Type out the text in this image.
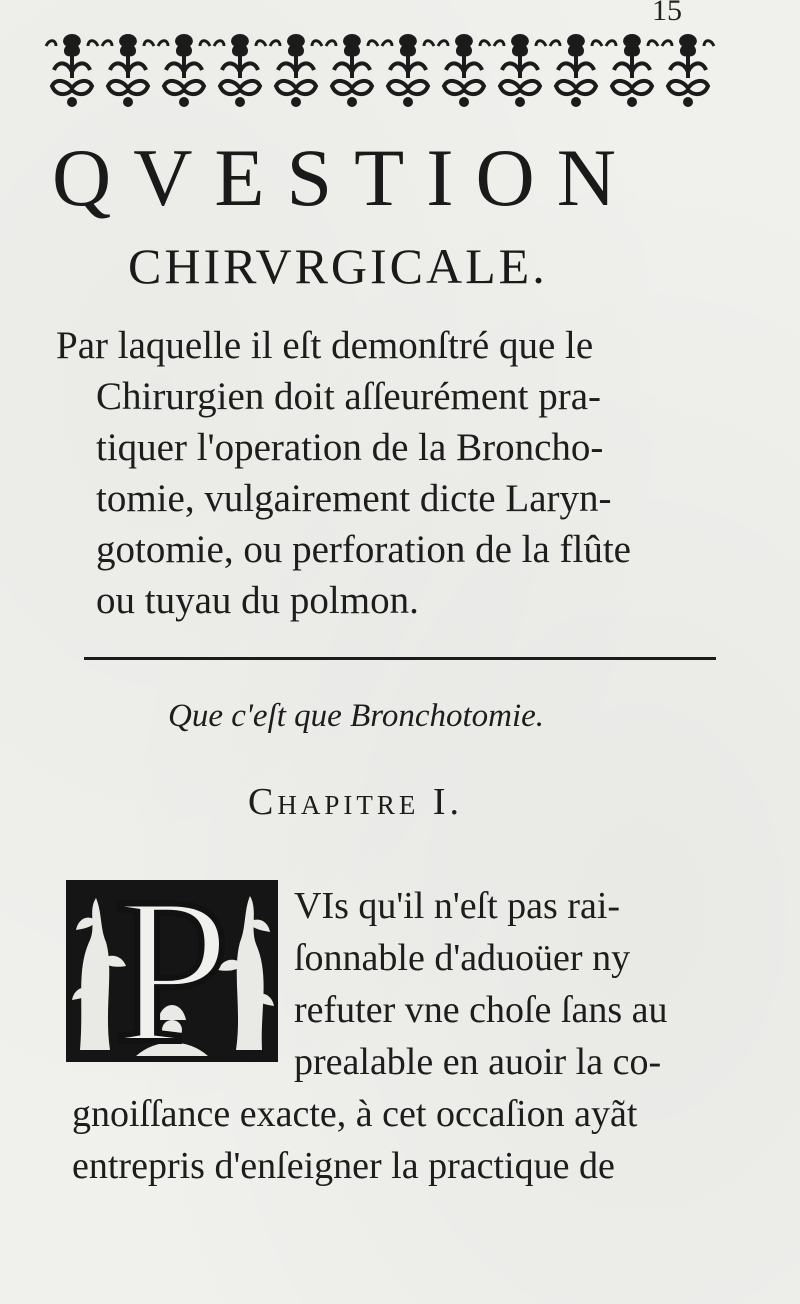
15
QVESTION
CHIRVRGICALE.

Par laquelle il eſt demonſtré que le
Chirurgien doit aſſeurément pra-
tiquer l'operation de la Broncho-
tomie, vulgairement dicte Laryn-
gotomie, ou perforation de la flûte
ou tuyau du polmon.

Que c'eſt que Bronchotomie.

Chapitre I.

P	VIs qu'il n'eſt pas rai-
ſonnable d'aduoüer ny
refuter vne choſe ſans au
prealable en auoir la co-

gnoiſſance exacte, à cet occaſion ayãt
entrepris d'enſeigner la practique de
